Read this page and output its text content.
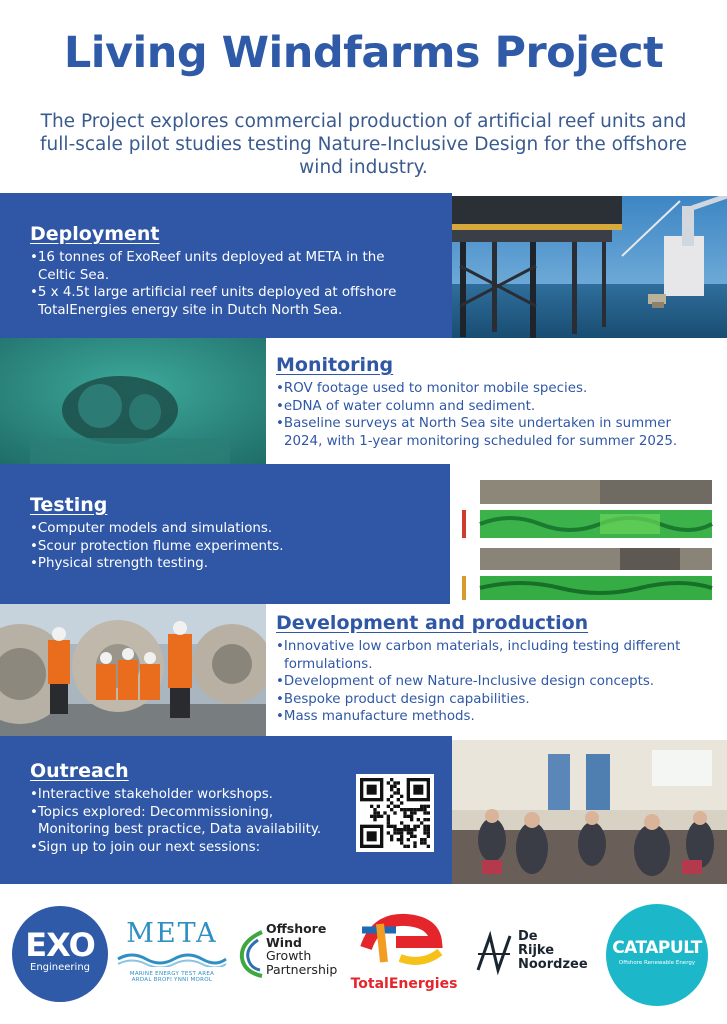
Living Windfarms Project
The Project explores commercial production of artificial reef units and full-scale pilot studies testing Nature-Inclusive Design for the offshore wind industry.
Deployment
•16 tonnes of ExoReef units deployed at META in the
Celtic Sea.
•5 x 4.5t large artificial reef units deployed at offshore
TotalEnergies energy site in Dutch North Sea.
Monitoring
•ROV footage used to monitor mobile species.
•eDNA of water column and sediment.
•Baseline surveys at North Sea site undertaken in summer
2024, with 1-year monitoring scheduled for summer 2025.
Testing
•Computer models and simulations.
•Scour protection flume experiments.
•Physical strength testing.
Development and production
•Innovative low carbon materials, including testing different
formulations.
•Development of new Nature-Inclusive design concepts.
•Bespoke product design capabilities.
•Mass manufacture methods.
Outreach
•Interactive stakeholder workshops.
•Topics explored: Decommissioning,
Monitoring best practice, Data availability.
•Sign up to join our next sessions:
EXO
Engineering
META
MARINE ENERGY TEST AREA
ARDAL BROFI YNNI MOROL
Offshore
Wind
Growth
Partnership
TotalEnergies
De
Rijke
Noordzee
CATAPULT
Offshore Renewable Energy
